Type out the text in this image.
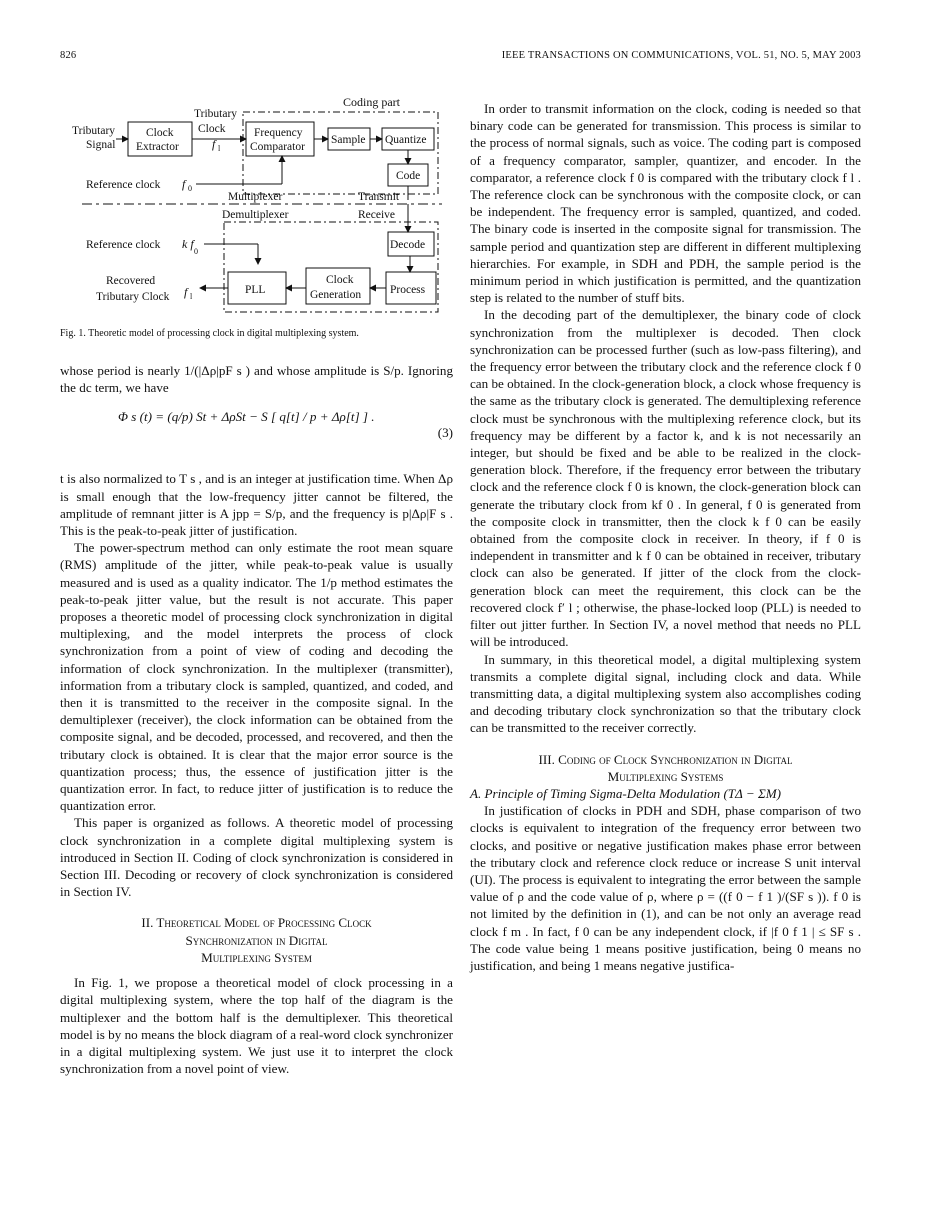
826	IEEE TRANSACTIONS ON COMMUNICATIONS, VOL. 51, NO. 5, MAY 2003
Coding part
Tributary
Signal
Clock
Extractor
Tributary
Clock
f l
Frequency
Comparator
Sample Quantize
Code
Reference clock f 0
Multiplexer	Transmit
Demultiplexer	Receive
Reference clock k f
0
Decode
Recovered
Tributary Clock f l
PLL
Clock
Generation	Process
Fig. 1. Theoretic model of processing clock in digital multiplexing system.

whose period is nearly 1/(|Δρ|pF s ) and whose amplitude is S/p. Ignoring the dc term, we have

Φ s (t) = (q/p) St + ΔρSt − S [ q[t] / p + Δρ[t] ] .
(3)

t is also normalized to T s , and is an integer at justification time. When Δρ is small enough that the low-frequency jitter cannot be filtered, the amplitude of remnant jitter is A jpp = S/p, and the frequency is p|Δρ|F s . This is the peak-to-peak jitter of justification.

The power-spectrum method can only estimate the root mean square (RMS) amplitude of the jitter, while peak-to-peak value is usually measured and is used as a quality indicator. The 1/p method estimates the peak-to-peak jitter value, but the result is not accurate. This paper proposes a theoretic model of processing clock synchronization in digital multiplexing, and the model interprets the process of clock synchronization from a point of view of coding and decoding the information of clock synchronization. In the multiplexer (transmitter), information from a tributary clock is sampled, quantized, and coded, and then it is transmitted to the receiver in the composite signal. In the demultiplexer (receiver), the clock information can be obtained from the composite signal, and be decoded, processed, and recovered, and then the tributary clock is obtained. It is clear that the major error source is the quantization process; thus, the essence of justification jitter is the quantization error. In fact, to reduce jitter of justification is to reduce the quantization error.

This paper is organized as follows. A theoretic model of processing clock synchronization in a complete digital multiplexing system is introduced in Section II. Coding of clock synchronization is considered in Section III. Decoding or recovery of clock synchronization is considered in Section IV.

II. Theoretical Model of Processing Clock

Synchronization in Digital

Multiplexing System

In Fig. 1, we propose a theoretical model of clock processing in a digital multiplexing system, where the top half of the diagram is the multiplexer and the bottom half is the demultiplexer. This theoretical model is by no means the block diagram of a real-word clock synchronizer in a digital multiplexing system. We just use it to interpret the clock synchronization from a novel point of view.

In order to transmit information on the clock, coding is needed so that binary code can be generated for transmission. This process is similar to the process of normal signals, such as voice. The coding part is composed of a frequency comparator, sampler, quantizer, and encoder. In the comparator, a reference clock f 0 is compared with the tributary clock f l . The reference clock can be synchronous with the composite clock, or can be independent. The frequency error is sampled, quantized, and coded. The binary code is inserted in the composite signal for transmission. The sample period and quantization step are different in different multiplexing hierarchies. For example, in SDH and PDH, the sample period is the minimum period in which justification is permitted, and the quantization step is related to the number of stuff bits.

In the decoding part of the demultiplexer, the binary code of clock synchronization from the multiplexer is decoded. Then clock synchronization can be processed further (such as low-pass filtering), and the frequency error between the tributary clock and the reference clock f 0 can be obtained. In the clock-generation block, a clock whose frequency is the same as the tributary clock is generated. The demultiplexing reference clock must be synchronous with the multiplexing reference clock, but its frequency may be different by a factor k, and k is not necessarily an integer, but should be fixed and be able to be realized in the clock-generation block. Therefore, if the frequency error between the tributary clock and the reference clock f 0 is known, the clock-generation block can generate the tributary clock from kf 0 . In general, f 0 is generated from the composite clock in transmitter, then the clock k f 0 can be easily obtained from the composite clock in receiver. In theory, if f 0 is independent in transmitter and k f 0 can be obtained in receiver, tributary clock can also be generated. If jitter of the clock from the clock-generation block can meet the requirement, this clock can be the recovered clock f′ l ; otherwise, the phase-locked loop (PLL) is needed to filter out jitter further. In Section IV, a novel method that needs no PLL will be introduced.

In summary, in this theoretical model, a digital multiplexing system transmits a complete digital signal, including clock and data. While transmitting data, a digital multiplexing system also accomplishes coding and decoding tributary clock synchronization so that the tributary clock can be transmitted to the receiver correctly.

III. Coding of Clock Synchronization in Digital

Multiplexing Systems

A. Principle of Timing Sigma-Delta Modulation (TΔ − ΣM)

In justification of clocks in PDH and SDH, phase comparison of two clocks is equivalent to integration of the frequency error between two clocks, and positive or negative justification makes phase error between the tributary clock and reference clock reduce or increase S unit interval (UI). The process is equivalent to integrating the error between the sample value of ρ and the code value of ρ, where ρ = ((f 0 − f 1 )/(SF s )). f 0 is not limited by the definition in (1), and can be not only an average read clock f m . In fact, f 0 can be any independent clock, if |f 0 f 1 | ≤ SF s . The code value being 1 means positive justification, being 0 means no justification, and being 1 means negative justifica-
